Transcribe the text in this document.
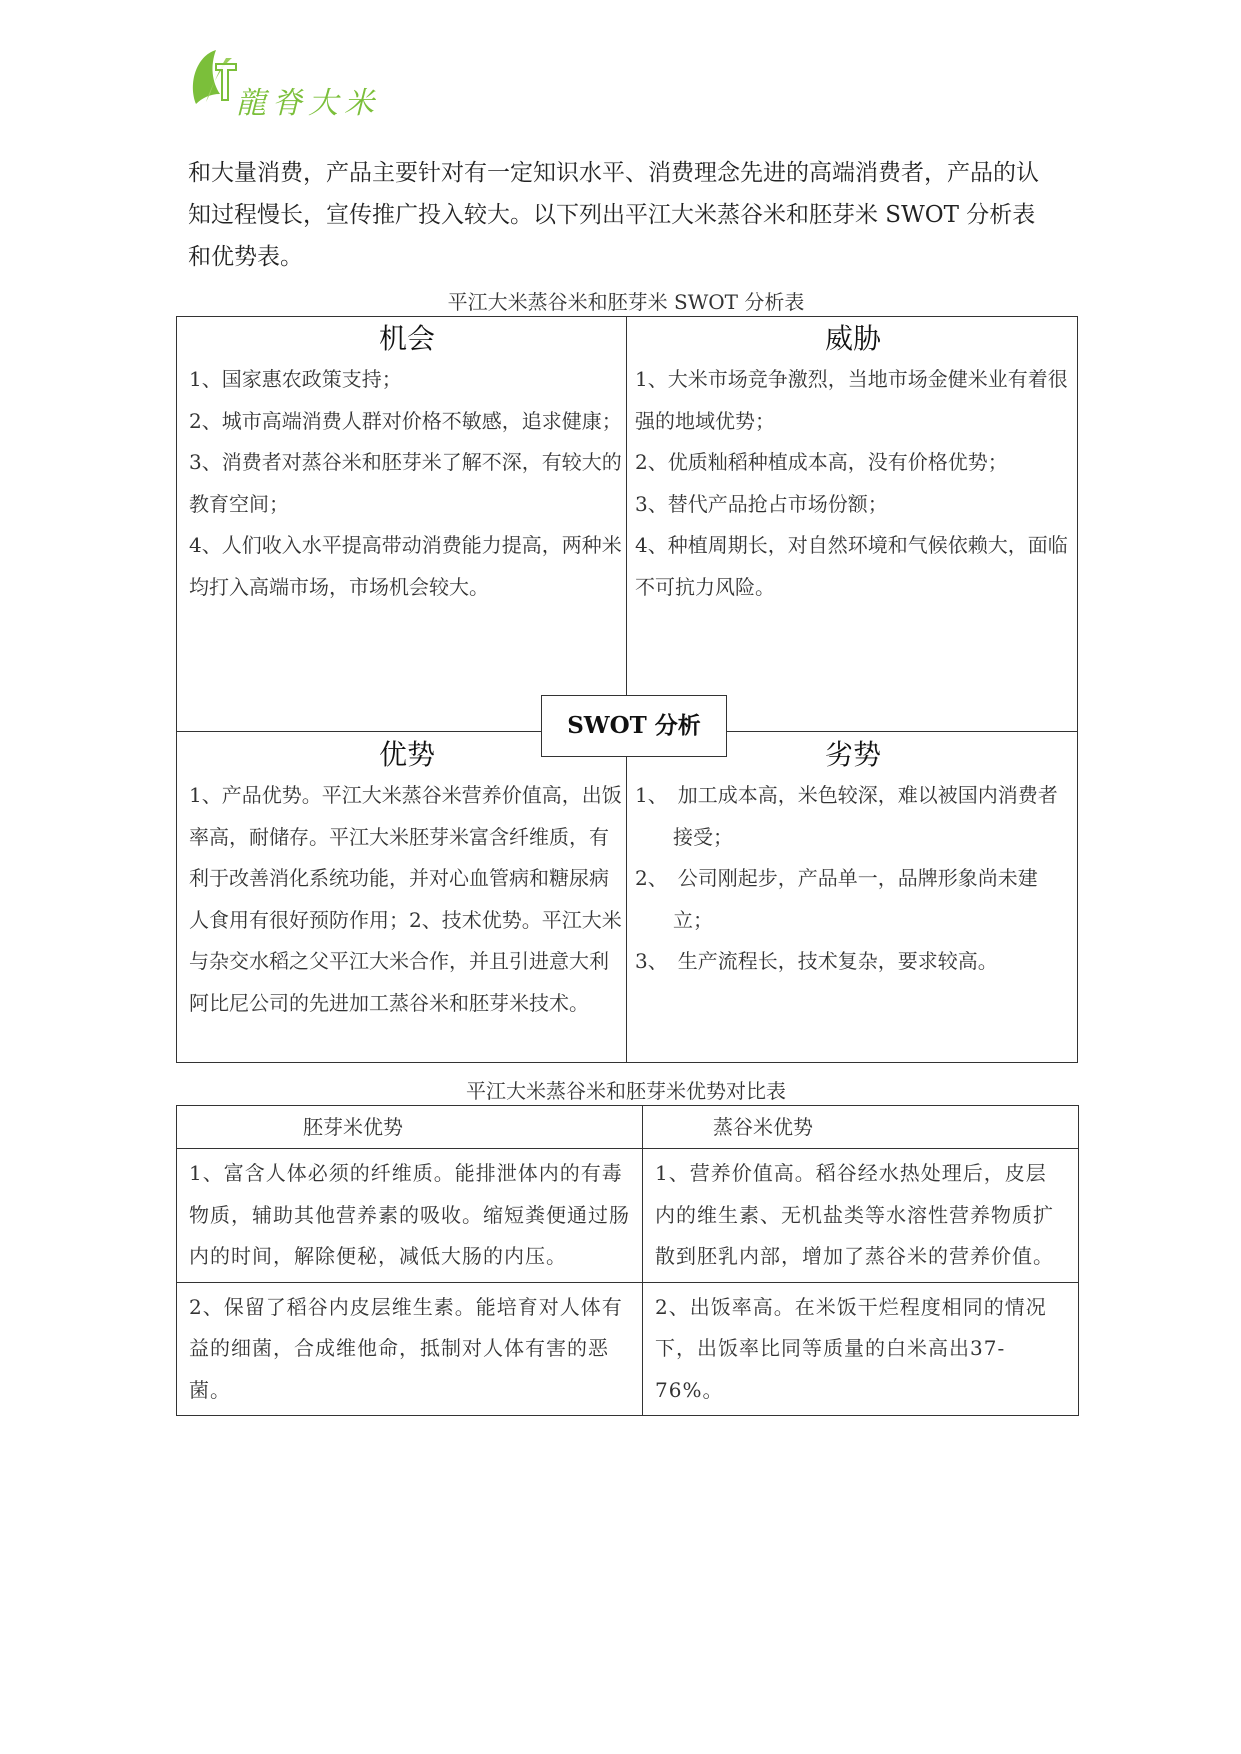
龍脊大米
和大量消费，产品主要针对有一定知识水平、消费理念先进的高端消费者，产品的认知过程慢长，宣传推广投入较大。以下列出平江大米蒸谷米和胚芽米 SWOT 分析表和优势表。
平江大米蒸谷米和胚芽米 SWOT 分析表
机会
1、国家惠农政策支持；
2、城市高端消费人群对价格不敏感，追求健康；
3、消费者对蒸谷米和胚芽米了解不深，有较大的教育空间；
4、人们收入水平提高带动消费能力提高，两种米均打入高端市场，市场机会较大。
威胁
1、大米市场竞争激烈，当地市场金健米业有着很强的地域优势；
2、优质籼稻种植成本高，没有价格优势；
3、替代产品抢占市场份额；
4、种植周期长，对自然环境和气候依赖大，面临不可抗力风险。
优势
1、产品优势。平江大米蒸谷米营养价值高，出饭率高，耐储存。平江大米胚芽米富含纤维质，有利于改善消化系统功能，并对心血管病和糖尿病人食用有很好预防作用；2、技术优势。平江大米与杂交水稻之父平江大米合作，并且引进意大利阿比尼公司的先进加工蒸谷米和胚芽米技术。
劣势
1、　加工成本高，米色较深，难以被国内消费者接受；
2、　公司刚起步，产品单一，品牌形象尚未建立；
3、　生产流程长，技术复杂，要求较高。
SWOT 分析
平江大米蒸谷米和胚芽米优势对比表
胚芽米优势	蒸谷米优势
1、富含人体必须的纤维质。能排泄体内的有毒物质，辅助其他营养素的吸收。缩短粪便通过肠内的时间，解除便秘，减低大肠的内压。	1、营养价值高。稻谷经水热处理后，皮层内的维生素、无机盐类等水溶性营养物质扩散到胚乳内部，增加了蒸谷米的营养价值。
2、保留了稻谷内皮层维生素。能培育对人体有益的细菌，合成维他命，抵制对人体有害的恶菌。	2、出饭率高。在米饭干烂程度相同的情况下，出饭率比同等质量的白米高出37-76%。
